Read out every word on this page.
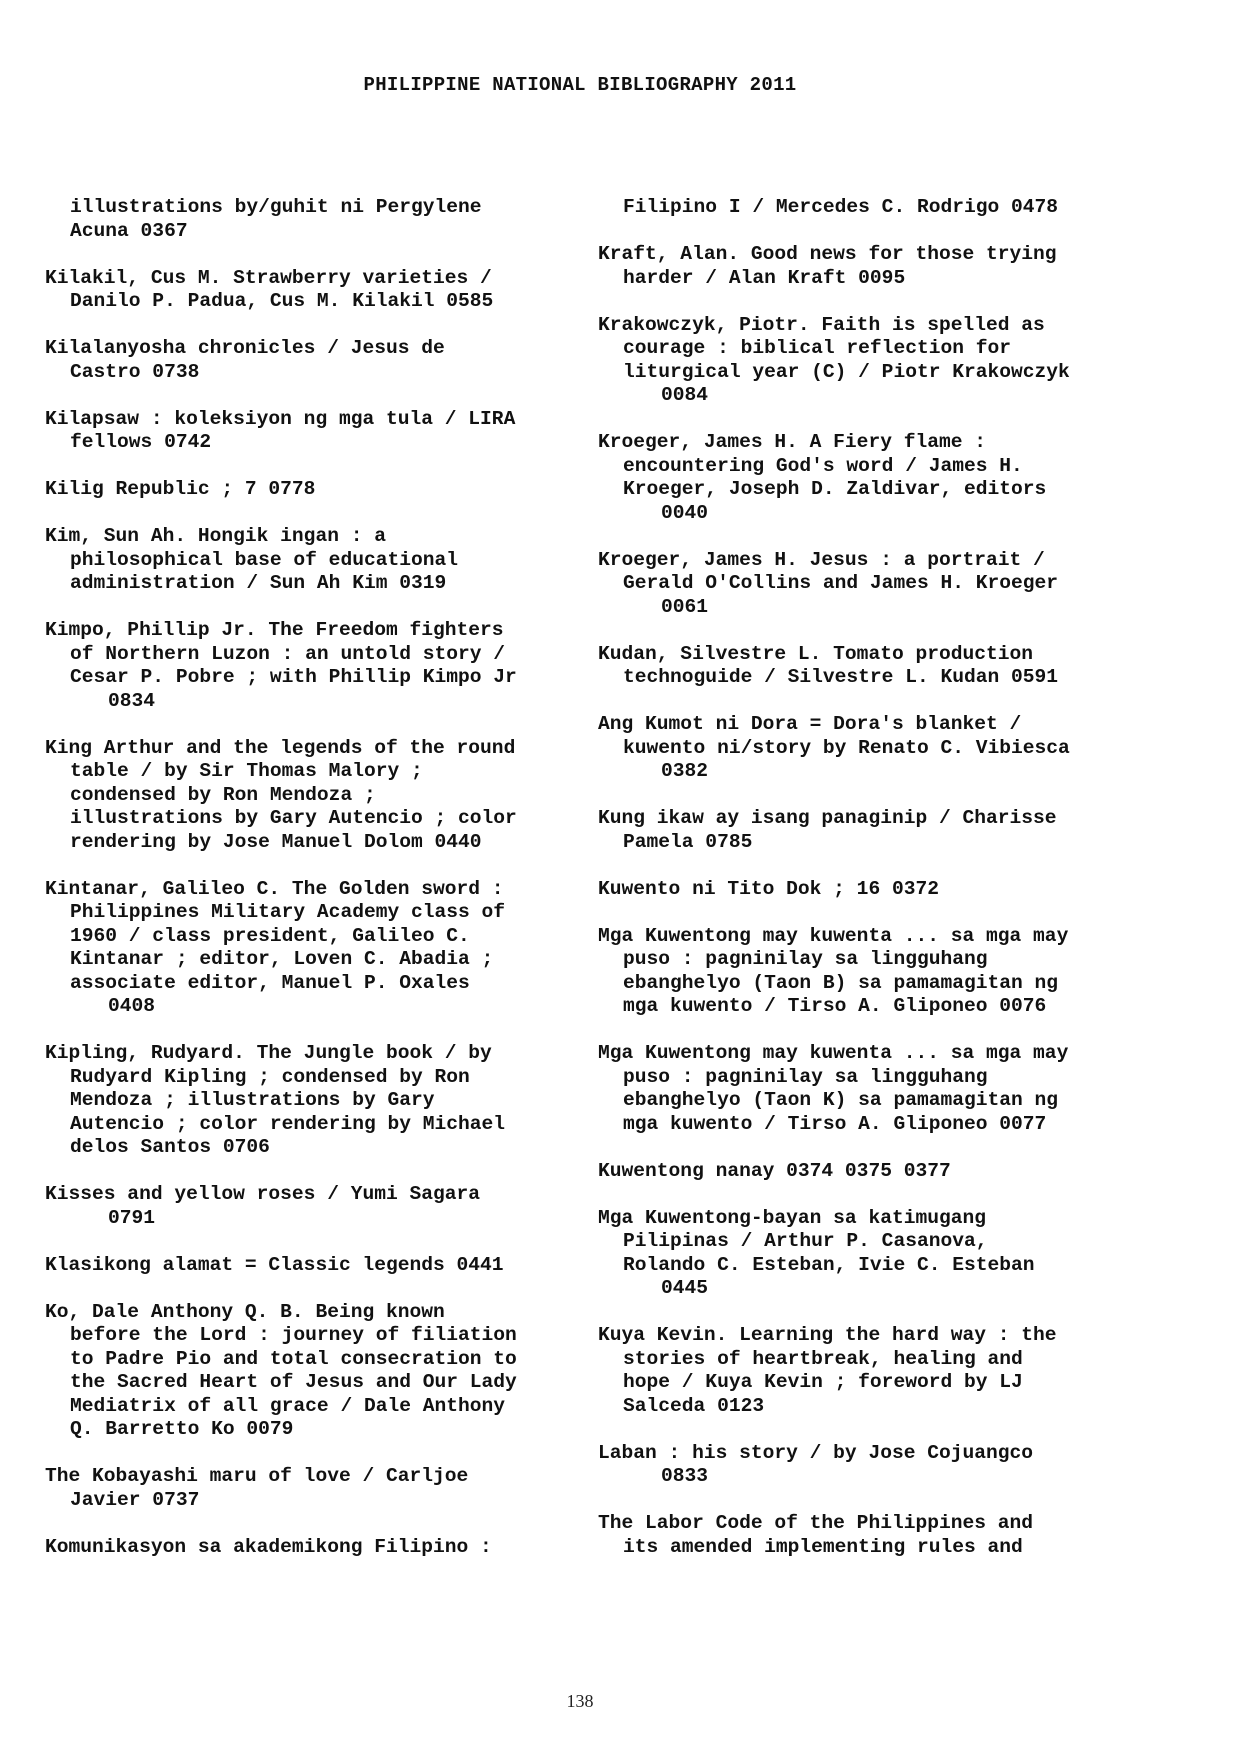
PHILIPPINE NATIONAL BIBLIOGRAPHY 2011
illustrations by/guhit ni Pergylene
Acuna 0367
Kilakil, Cus M. Strawberry varieties /
Danilo P. Padua, Cus M. Kilakil 0585
Kilalanyosha chronicles / Jesus de
Castro 0738
Kilapsaw : koleksiyon ng mga tula / LIRA
fellows 0742
Kilig Republic ; 7 0778
Kim, Sun Ah. Hongik ingan : a
philosophical base of educational
administration / Sun Ah Kim 0319
Kimpo, Phillip Jr. The Freedom fighters
of Northern Luzon : an untold story /
Cesar P. Pobre ; with Phillip Kimpo Jr
0834
King Arthur and the legends of the round
table / by Sir Thomas Malory ;
condensed by Ron Mendoza ;
illustrations by Gary Autencio ; color
rendering by Jose Manuel Dolom 0440
Kintanar, Galileo C. The Golden sword :
Philippines Military Academy class of
1960 / class president, Galileo C.
Kintanar ; editor, Loven C. Abadia ;
associate editor, Manuel P. Oxales
0408
Kipling, Rudyard. The Jungle book / by
Rudyard Kipling ; condensed by Ron
Mendoza ; illustrations by Gary
Autencio ; color rendering by Michael
delos Santos 0706
Kisses and yellow roses / Yumi Sagara
0791
Klasikong alamat = Classic legends 0441
Ko, Dale Anthony Q. B. Being known
before the Lord : journey of filiation
to Padre Pio and total consecration to
the Sacred Heart of Jesus and Our Lady
Mediatrix of all grace / Dale Anthony
Q. Barretto Ko 0079
The Kobayashi maru of love / Carljoe
Javier 0737
Komunikasyon sa akademikong Filipino :
Filipino I / Mercedes C. Rodrigo 0478
Kraft, Alan. Good news for those trying
harder / Alan Kraft 0095
Krakowczyk, Piotr. Faith is spelled as
courage : biblical reflection for
liturgical year (C) / Piotr Krakowczyk
0084
Kroeger, James H. A Fiery flame :
encountering God's word / James H.
Kroeger, Joseph D. Zaldivar, editors
0040
Kroeger, James H. Jesus : a portrait /
Gerald O'Collins and James H. Kroeger
0061
Kudan, Silvestre L. Tomato production
technoguide / Silvestre L. Kudan 0591
Ang Kumot ni Dora = Dora's blanket /
kuwento ni/story by Renato C. Vibiesca
0382
Kung ikaw ay isang panaginip / Charisse
Pamela 0785
Kuwento ni Tito Dok ; 16 0372
Mga Kuwentong may kuwenta ... sa mga may
puso : pagninilay sa lingguhang
ebanghelyo (Taon B) sa pamamagitan ng
mga kuwento / Tirso A. Gliponeo 0076
Mga Kuwentong may kuwenta ... sa mga may
puso : pagninilay sa lingguhang
ebanghelyo (Taon K) sa pamamagitan ng
mga kuwento / Tirso A. Gliponeo 0077
Kuwentong nanay 0374 0375 0377
Mga Kuwentong-bayan sa katimugang
Pilipinas / Arthur P. Casanova,
Rolando C. Esteban, Ivie C. Esteban
0445
Kuya Kevin. Learning the hard way : the
stories of heartbreak, healing and
hope / Kuya Kevin ; foreword by LJ
Salceda 0123
Laban : his story / by Jose Cojuangco
0833
The Labor Code of the Philippines and
its amended implementing rules and
138
